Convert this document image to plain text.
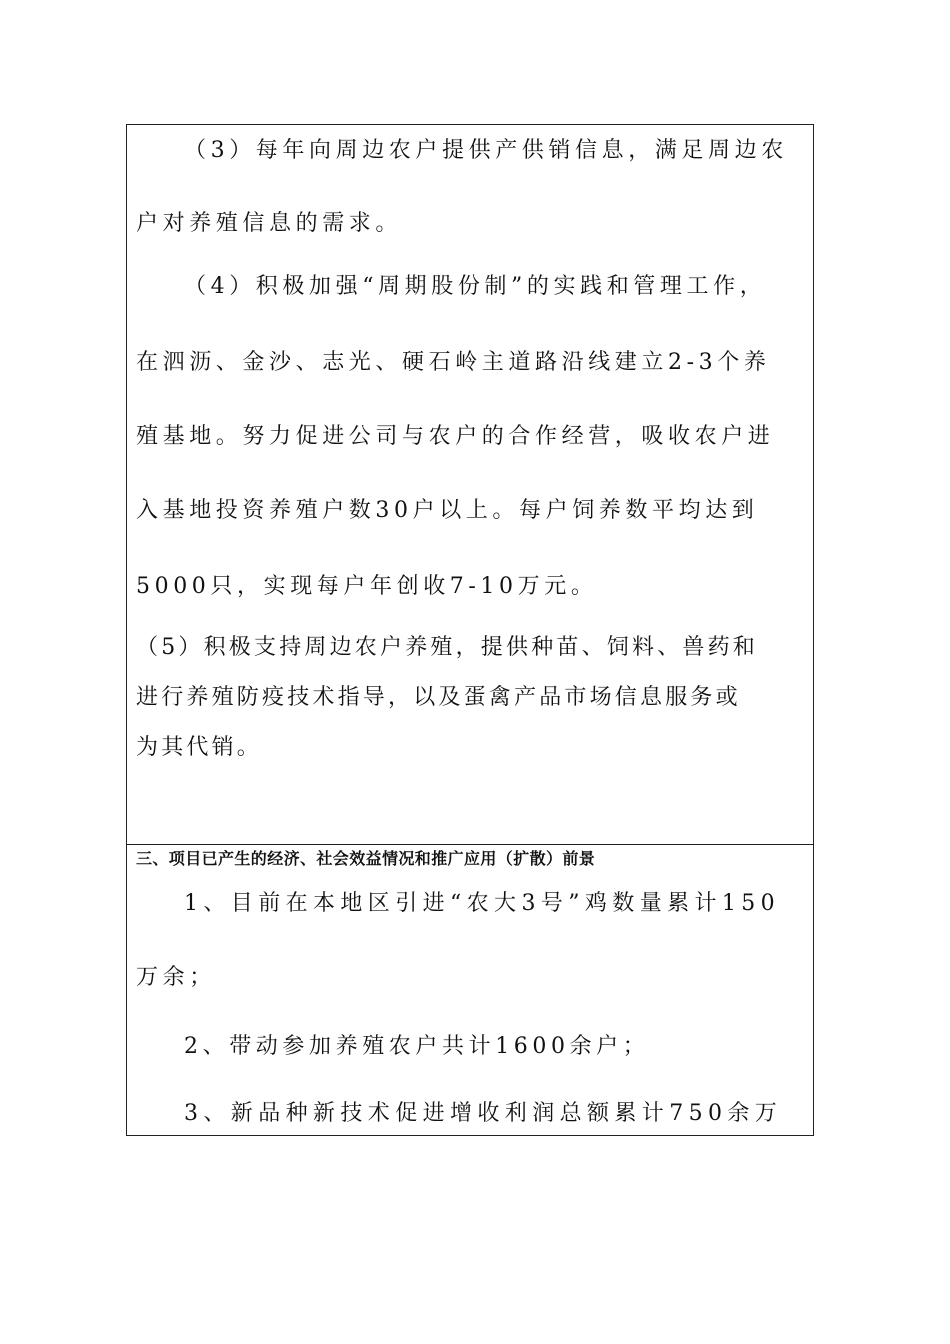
（3）每年向周边农户提供产供销信息，满足周边农
户对养殖信息的需求。
（4）积极加强“周期股份制”的实践和管理工作，
在泗沥、金沙、志光、硬石岭主道路沿线建立2-3个养
殖基地。努力促进公司与农户的合作经营，吸收农户进
入基地投资养殖户数30户以上。每户饲养数平均达到
5000只，实现每户年创收7-10万元。
（5）积极支持周边农户养殖，提供种苗、饲料、兽药和
进行养殖防疫技术指导，以及蛋禽产品市场信息服务或
为其代销。
三、项目已产生的经济、社会效益情况和推广应用（扩散）前景
1、目前在本地区引进“农大3号”鸡数量累计150
万余；
2、带动参加养殖农户共计1600余户；
3、新品种新技术促进增收利润总额累计750余万
